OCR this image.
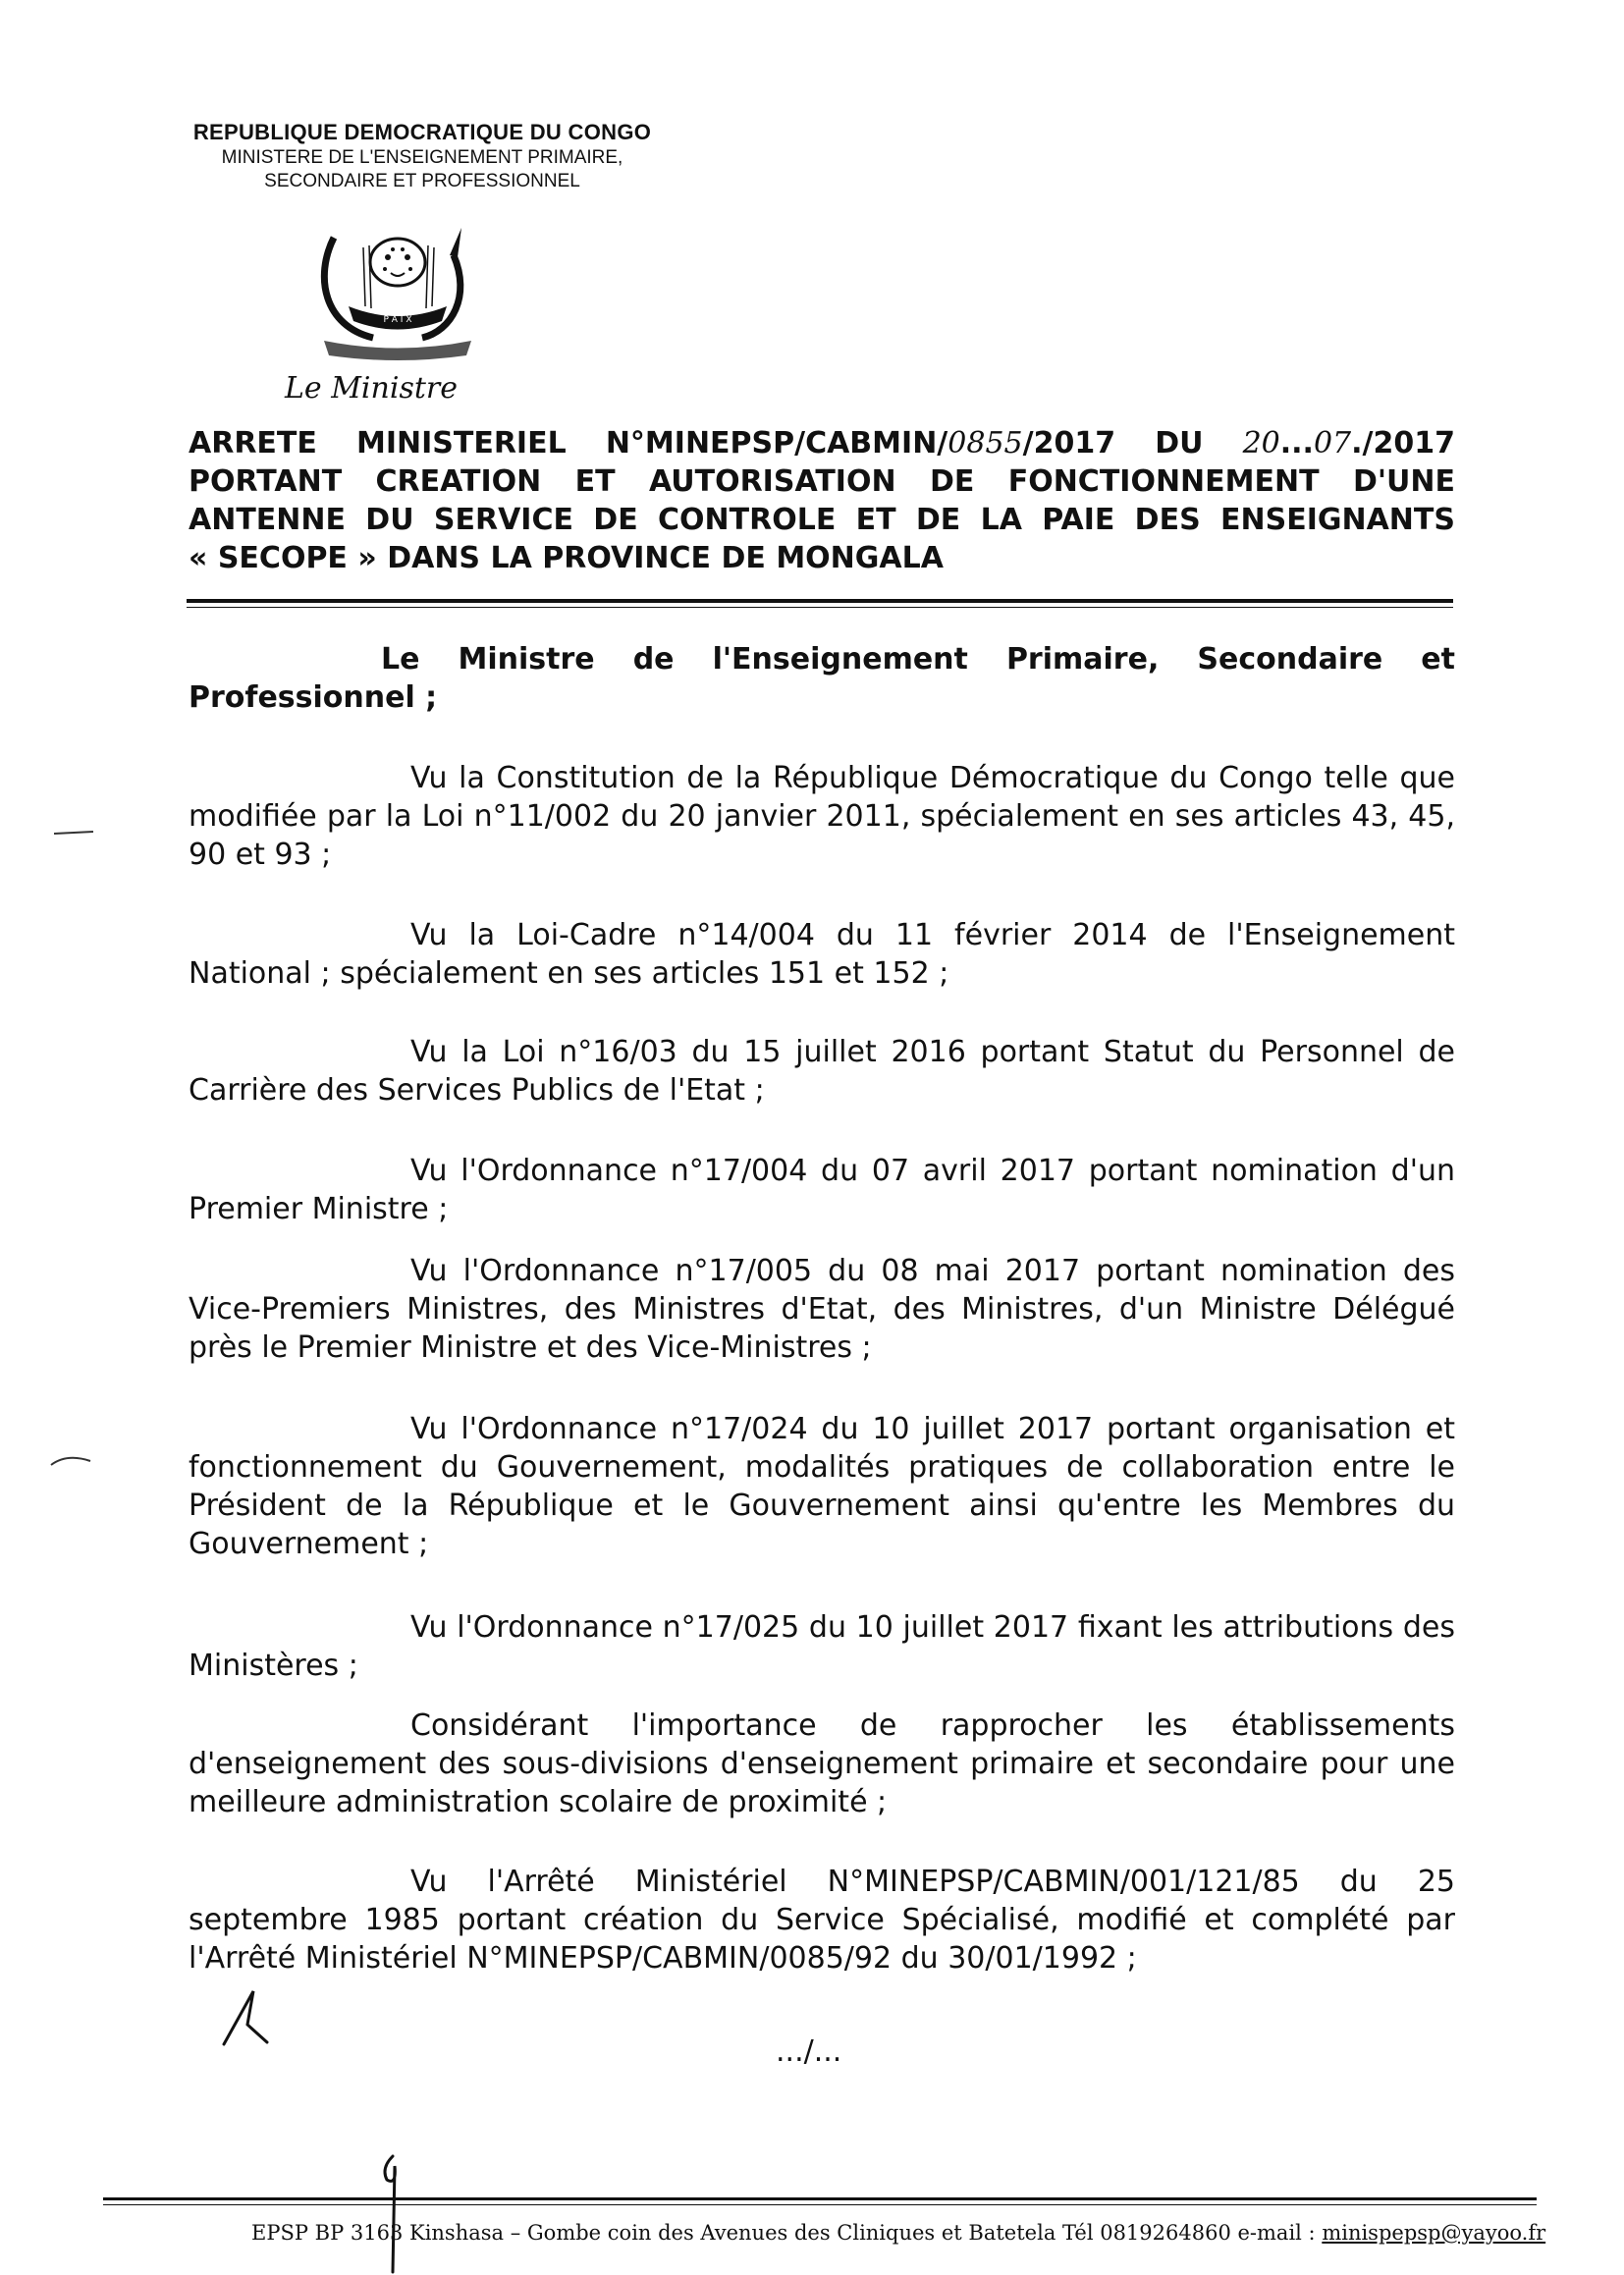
REPUBLIQUE DEMOCRATIQUE DU CONGO
MINISTERE DE L'ENSEIGNEMENT PRIMAIRE,
SECONDAIRE ET PROFESSIONNEL
P A I X
Le Ministre
ARRETE MINISTERIEL N°MINEPSP/CABMIN/0855/2017 DU 20...07./2017
PORTANT CREATION ET AUTORISATION DE FONCTIONNEMENT D'UNE
ANTENNE DU SERVICE DE CONTROLE ET DE LA PAIE DES ENSEIGNANTS
« SECOPE » DANS LA PROVINCE DE MONGALA
Le Ministre de l'Enseignement Primaire, Secondaire et Professionnel ;
Vu la Constitution de la République Démocratique du Congo telle que modifiée par la Loi n°11/002 du 20 janvier 2011, spécialement en ses articles 43, 45, 90 et 93 ;
Vu la Loi-Cadre n°14/004 du 11 février 2014 de l'Enseignement National ; spécialement en ses articles 151 et 152 ;
Vu la Loi n°16/03 du 15 juillet 2016 portant Statut du Personnel de Carrière des Services Publics de l'Etat ;
Vu l'Ordonnance n°17/004 du 07 avril 2017 portant nomination d'un Premier Ministre ;
Vu l'Ordonnance n°17/005 du 08 mai 2017 portant nomination des Vice-Premiers Ministres, des Ministres d'Etat, des Ministres, d'un Ministre Délégué près le Premier Ministre et des Vice-Ministres ;
Vu l'Ordonnance n°17/024 du 10 juillet 2017 portant organisation et fonctionnement du Gouvernement, modalités pratiques de collaboration entre le Président de la République et le Gouvernement ainsi qu'entre les Membres du Gouvernement ;
Vu l'Ordonnance n°17/025 du 10 juillet 2017 fixant les attributions des Ministères ;
Considérant l'importance de rapprocher les établissements d'enseignement des sous-divisions d'enseignement primaire et secondaire pour une meilleure administration scolaire de proximité ;
Vu l'Arrêté Ministériel N°MINEPSP/CABMIN/001/121/85 du 25 septembre 1985 portant création du Service Spécialisé, modifié et complété par l'Arrêté Ministériel N°MINEPSP/CABMIN/0085/92 du 30/01/1992 ;
.../...
EPSP BP 3163 Kinshasa – Gombe coin des Avenues des Cliniques et Batetela Tél 0819264860 e-mail : minispepsp@yayoo.fr
